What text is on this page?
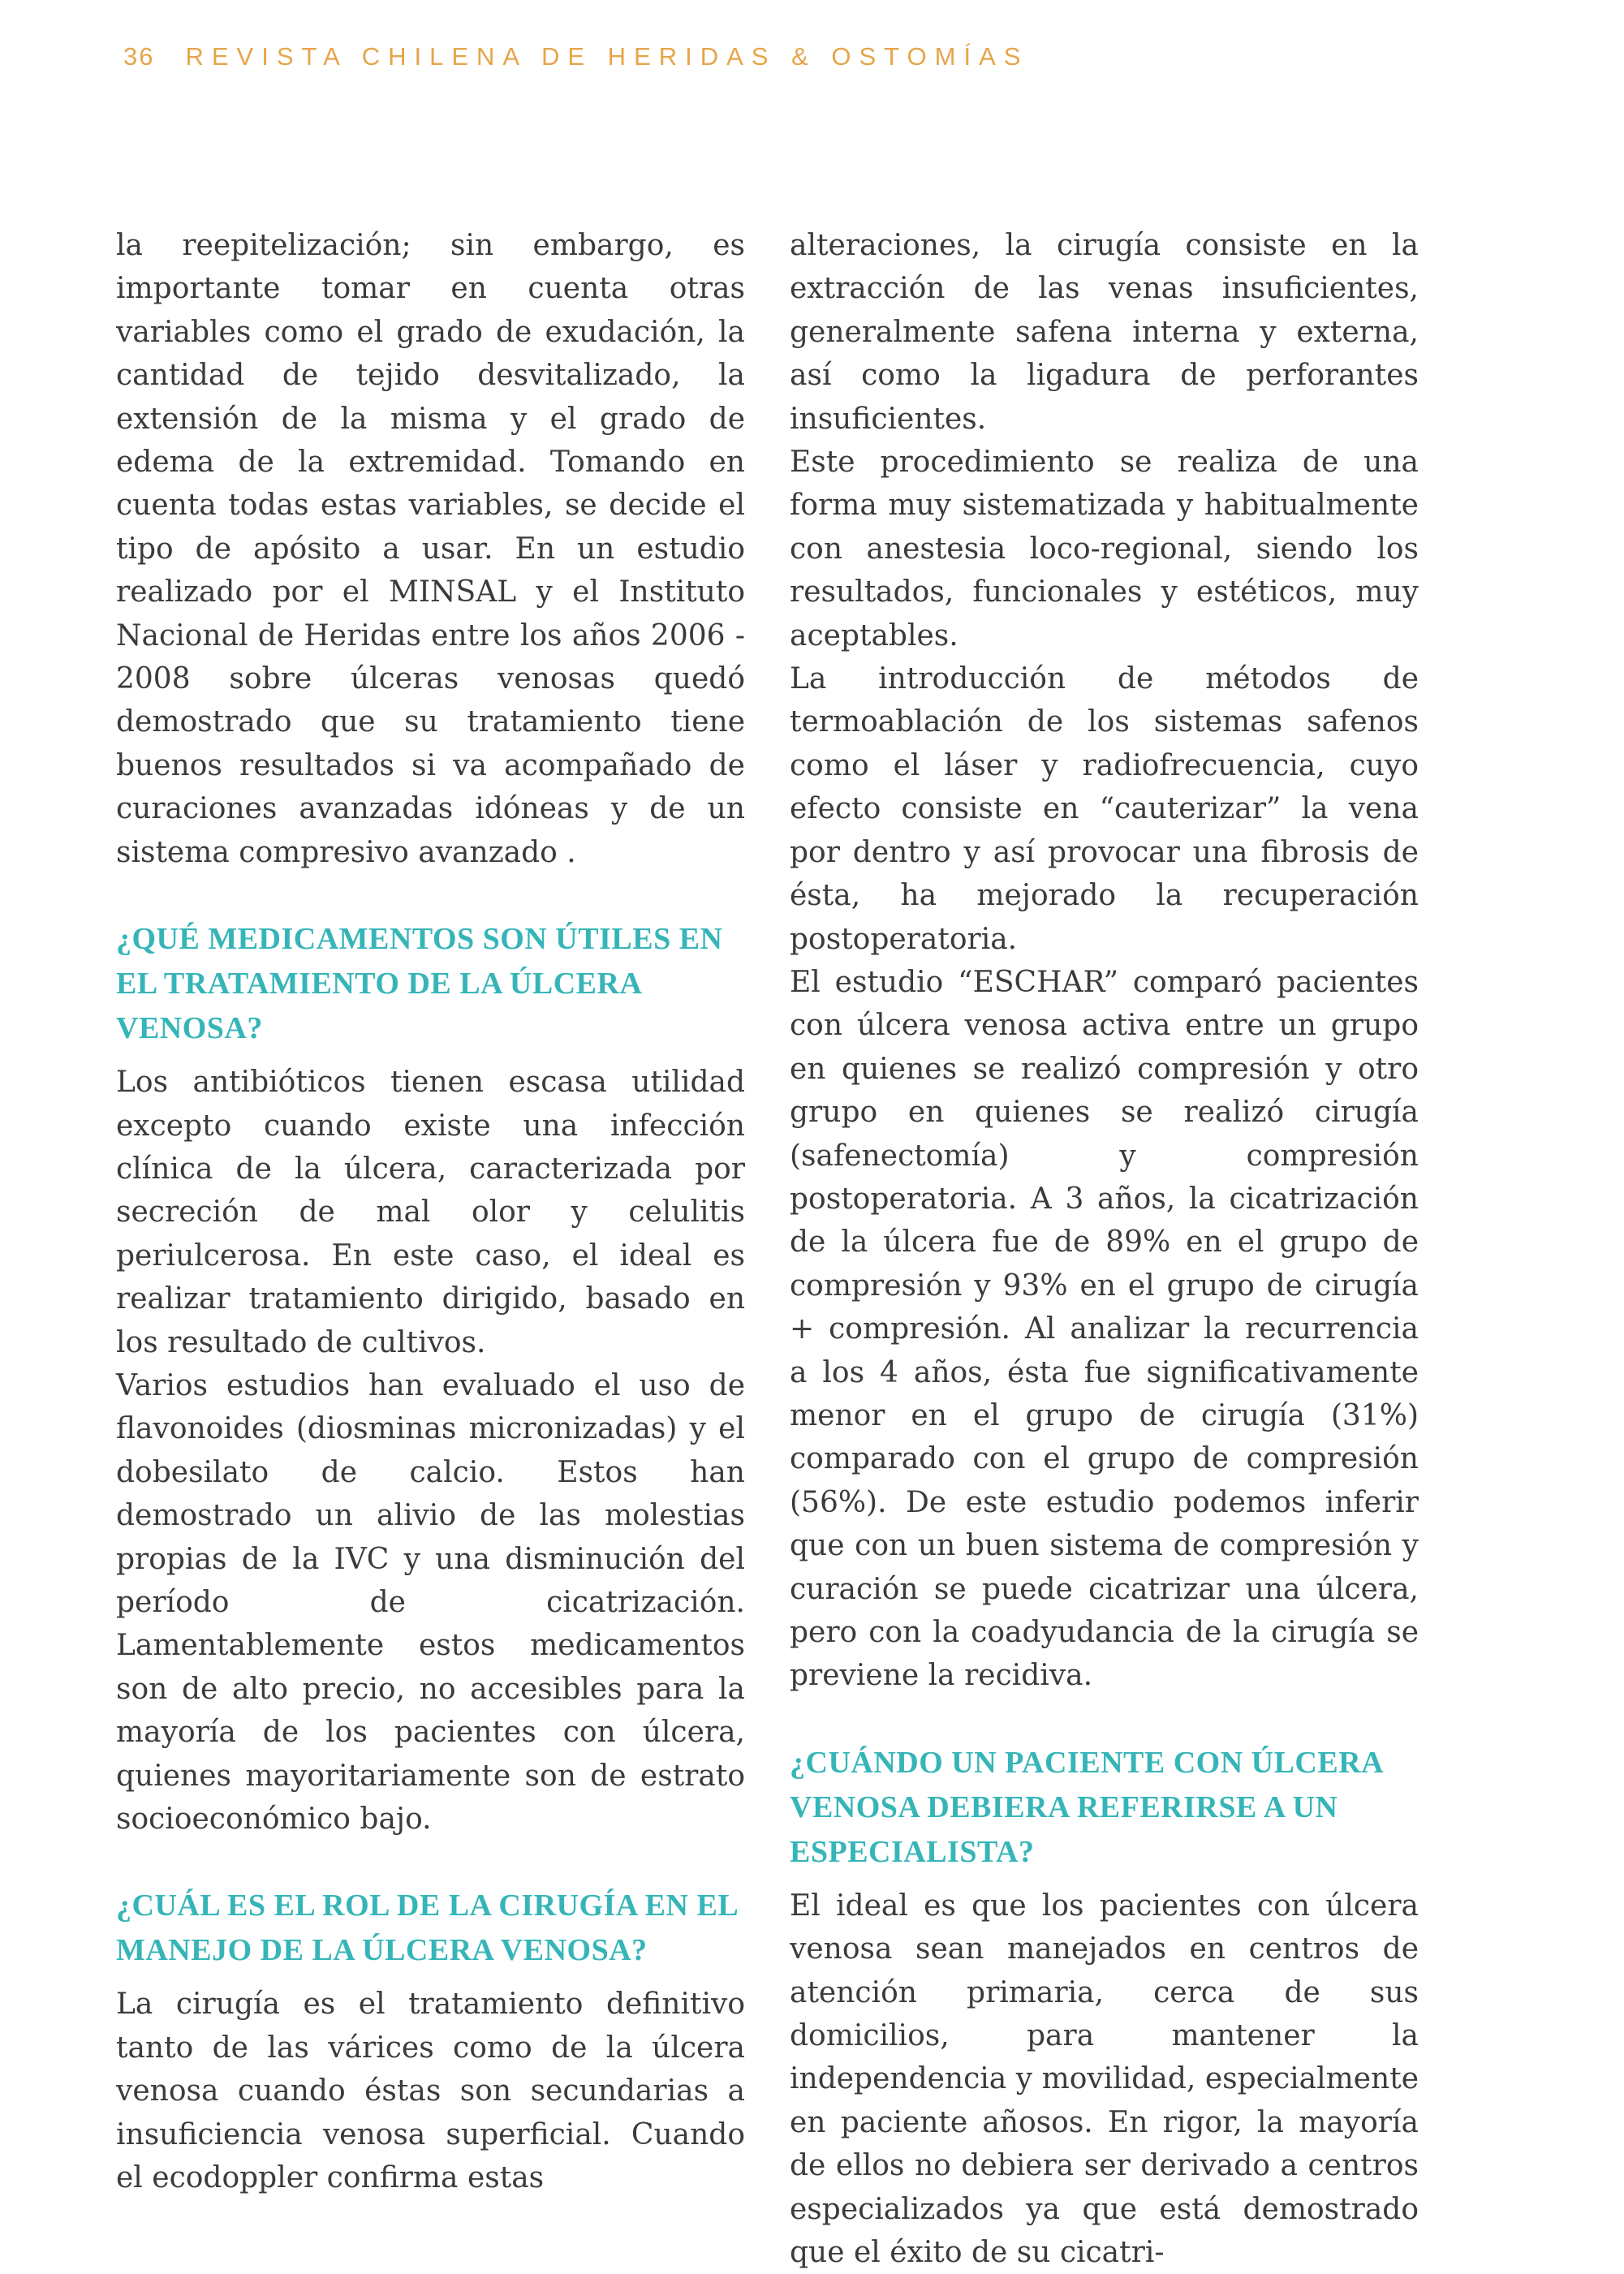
36 REVISTA CHILENA DE HERIDAS & OSTOMÍAS

la reepitelización; sin embargo, es importante tomar en cuenta otras variables como el grado de exudación, la cantidad de tejido desvitalizado, la extensión de la misma y el grado de edema de la extremidad. Tomando en cuenta todas estas variables, se decide el tipo de apósito a usar. En un estudio realizado por el MINSAL y el Instituto Nacional de Heridas entre los años 2006 - 2008 sobre úlceras venosas quedó demostrado que su tratamiento tiene buenos resultados si va acompañado de curaciones avanzadas idóneas y de un sistema compresivo avanzado .

¿QUÉ MEDICAMENTOS SON ÚTILES EN EL TRATAMIENTO DE LA ÚLCERA VENOSA?

Los antibióticos tienen escasa utilidad excepto cuando existe una infección clínica de la úlcera, caracterizada por secreción de mal olor y celulitis periulcerosa. En este caso, el ideal es realizar tratamiento dirigido, basado en los resultado de cultivos.

Varios estudios han evaluado el uso de flavonoides (diosminas micronizadas) y el dobesilato de calcio. Estos han demostrado un alivio de las molestias propias de la IVC y una disminución del período de cicatrización. Lamentablemente estos medicamentos son de alto precio, no accesibles para la mayoría de los pacientes con úlcera, quienes mayoritariamente son de estrato socioeconómico bajo.

¿CUÁL ES EL ROL DE LA CIRUGÍA EN EL MANEJO DE LA ÚLCERA VENOSA?

La cirugía es el tratamiento definitivo tanto de las várices como de la úlcera venosa cuando éstas son secundarias a insuficiencia venosa superficial. Cuando el ecodoppler confirma estas

alteraciones, la cirugía consiste en la extracción de las venas insuficientes, generalmente safena interna y externa, así como la ligadura de perforantes insuficientes.

Este procedimiento se realiza de una forma muy sistematizada y habitualmente con anestesia loco-regional, siendo los resultados, funcionales y estéticos, muy aceptables.

La introducción de métodos de termoablación de los sistemas safenos como el láser y radiofrecuencia, cuyo efecto consiste en “cauterizar” la vena por dentro y así provocar una fibrosis de ésta, ha mejorado la recuperación postoperatoria.

El estudio “ESCHAR” comparó pacientes con úlcera venosa activa entre un grupo en quienes se realizó compresión y otro grupo en quienes se realizó cirugía (safenectomía) y compresión postoperatoria. A 3 años, la cicatrización de la úlcera fue de 89% en el grupo de compresión y 93% en el grupo de cirugía + compresión. Al analizar la recurrencia a los 4 años, ésta fue significativamente menor en el grupo de cirugía (31%) comparado con el grupo de compresión (56%). De este estudio podemos inferir que con un buen sistema de compresión y curación se puede cicatrizar una úlcera, pero con la coadyudancia de la cirugía se previene la recidiva.

¿CUÁNDO UN PACIENTE CON ÚLCERA VENOSA DEBIERA REFERIRSE A UN ESPECIALISTA?

El ideal es que los pacientes con úlcera venosa sean manejados en centros de atención primaria, cerca de sus domicilios, para mantener la independencia y movilidad, especialmente en paciente añosos. En rigor, la mayoría de ellos no debiera ser derivado a centros especializados ya que está demostrado que el éxito de su cicatri-
